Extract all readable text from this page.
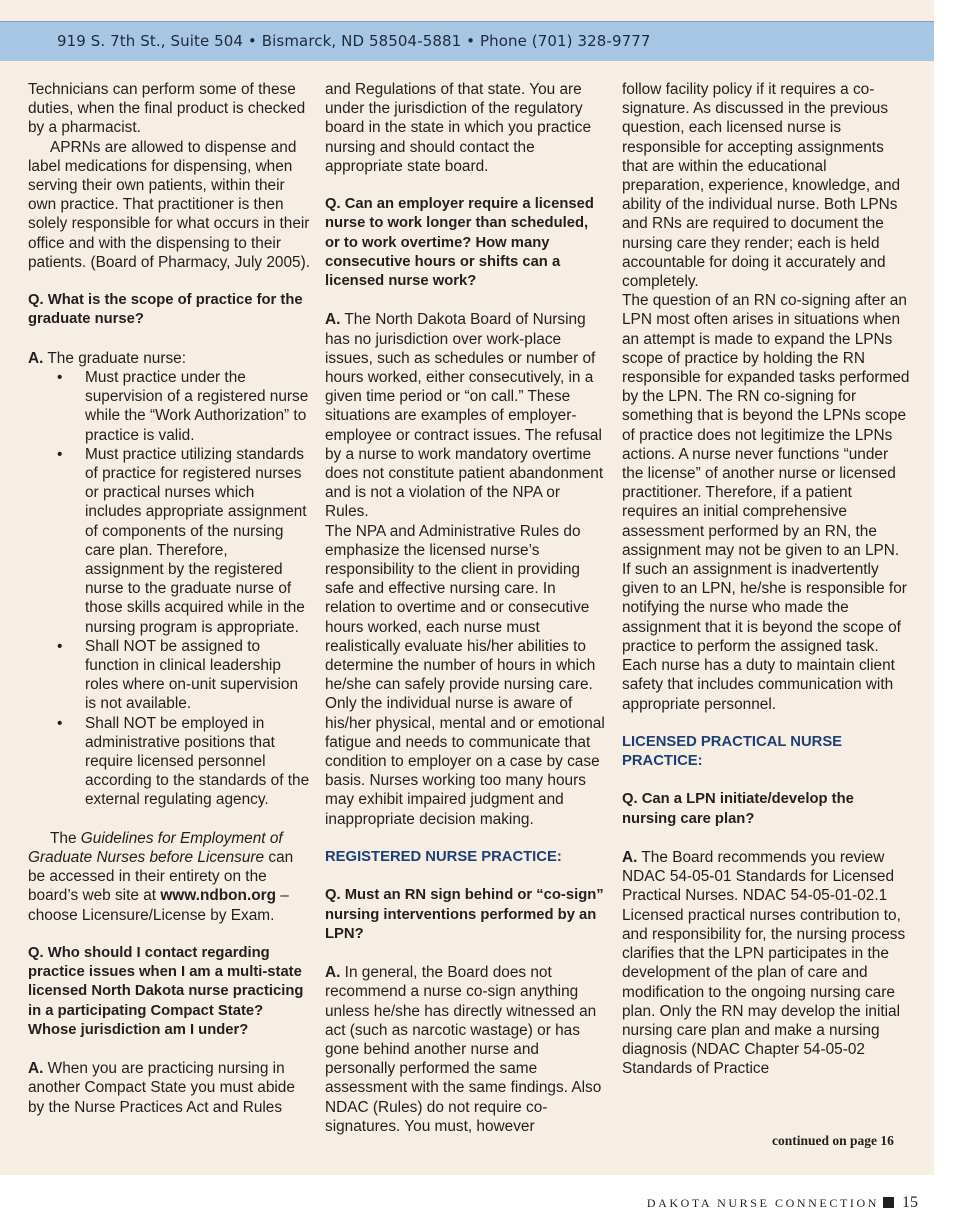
919 S. 7th St., Suite 504 • Bismarck, ND 58504-5881 • Phone (701) 328-9777

Technicians can perform some of these duties, when the final product is checked by a pharmacist.

APRNs are allowed to dispense and label medications for dispensing, when serving their own patients, within their own practice. That practitioner is then solely responsible for what occurs in their office and with the dispensing to their patients. (Board of Pharmacy, July 2005).

Q. What is the scope of practice for the graduate nurse?

A. The graduate nurse:

• Must practice under the supervision of a registered nurse while the “Work Authorization” to practice is valid.
• Must practice utilizing standards of practice for registered nurses or practical nurses which includes appropriate assignment of components of the nursing care plan. Therefore, assignment by the registered nurse to the graduate nurse of those skills acquired while in the nursing program is appropriate.
• Shall NOT be assigned to function in clinical leadership roles where on-unit supervision is not available.
• Shall NOT be employed in administrative positions that require licensed personnel according to the standards of the external regulating agency.

The Guidelines for Employment of Graduate Nurses before Licensure can be accessed in their entirety on the board’s web site at www.ndbon.org – choose Licensure/License by Exam.

Q. Who should I contact regarding practice issues when I am a multi-state licensed North Dakota nurse practicing in a participating Compact State? Whose jurisdiction am I under?

A. When you are practicing nursing in another Compact State you must abide by the Nurse Practices Act and Rules

and Regulations of that state. You are under the jurisdiction of the regulatory board in the state in which you practice nursing and should contact the appropriate state board.

Q. Can an employer require a licensed nurse to work longer than scheduled, or to work overtime? How many consecutive hours or shifts can a licensed nurse work?

A. The North Dakota Board of Nursing has no jurisdiction over work-place issues, such as schedules or number of hours worked, either consecutively, in a given time period or “on call.” These situations are examples of employer-employee or contract issues. The refusal by a nurse to work mandatory overtime does not constitute patient abandonment and is not a violation of the NPA or Rules.

The NPA and Administrative Rules do emphasize the licensed nurse’s responsibility to the client in providing safe and effective nursing care. In relation to overtime and or consecutive hours worked, each nurse must realistically evaluate his/her abilities to determine the number of hours in which he/she can safely provide nursing care. Only the individual nurse is aware of his/her physical, mental and or emotional fatigue and needs to communicate that condition to employer on a case by case basis. Nurses working too many hours may exhibit impaired judgment and inappropriate decision making.

REGISTERED NURSE PRACTICE:

Q. Must an RN sign behind or “co-sign” nursing interventions performed by an LPN?

A. In general, the Board does not recommend a nurse co-sign anything unless he/she has directly witnessed an act (such as narcotic wastage) or has gone behind another nurse and personally performed the same assessment with the same findings. Also NDAC (Rules) do not require co-signatures. You must, however

follow facility policy if it requires a co-signature. As discussed in the previous question, each licensed nurse is responsible for accepting assignments that are within the educational preparation, experience, knowledge, and ability of the individual nurse. Both LPNs and RNs are required to document the nursing care they render; each is held accountable for doing it accurately and completely.

The question of an RN co-signing after an LPN most often arises in situations when an attempt is made to expand the LPNs scope of practice by holding the RN responsible for expanded tasks performed by the LPN. The RN co-signing for something that is beyond the LPNs scope of practice does not legitimize the LPNs actions. A nurse never functions “under the license” of another nurse or licensed practitioner. Therefore, if a patient requires an initial comprehensive assessment performed by an RN, the assignment may not be given to an LPN. If such an assignment is inadvertently given to an LPN, he/she is responsible for notifying the nurse who made the assignment that it is beyond the scope of practice to perform the assigned task. Each nurse has a duty to maintain client safety that includes communication with appropriate personnel.

LICENSED PRACTICAL NURSE PRACTICE:

Q. Can a LPN initiate/develop the nursing care plan?

A. The Board recommends you review NDAC 54-05-01 Standards for Licensed Practical Nurses. NDAC 54-05-01-02.1 Licensed practical nurses contribution to, and responsibility for, the nursing process clarifies that the LPN participates in the development of the plan of care and modification to the ongoing nursing care plan. Only the RN may develop the initial nursing care plan and make a nursing diagnosis (NDAC Chapter 54-05-02 Standards of Practice

continued on page 16
DAKOTA NURSE CONNECTION 15
